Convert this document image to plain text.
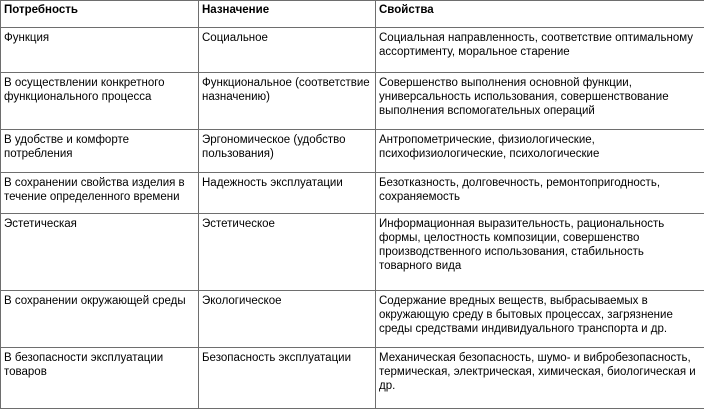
Потребность	Назначение	Свойства
Функция	Социальное	Социальная направленность, соответствие оптимальному ассортименту, моральное старение
В осуществлении конкретного функционального процесса	Функциональное (соответствие назначению)	Совершенство выполнения основной функции, универсальность использования, совершенствование выполнения вспомогательных операций
В удобстве и комфорте потребления	Эргономическое (удобство пользования)	Антропометрические, физиологические, психофизиологические, психологические
В сохранении свойства изделия в течение определенного времени	Надежность эксплуатации	Безотказность, долговечность, ремонтопригодность, сохраняемость
Эстетическая	Эстетическое	Информационная выразительность, рациональность формы, целостность композиции, совершенство производственного использования, стабильность товарного вида
В сохранении окружающей среды	Экологическое	Содержание вредных веществ, выбрасываемых в окружающую среду в бытовых процессах, загрязнение среды средствами индивидуального транспорта и др.
В безопасности эксплуатации товаров	Безопасность эксплуатации	Механическая безопасность, шумо- и вибробезопасность, термическая, электрическая, химическая, биологическая и др.
